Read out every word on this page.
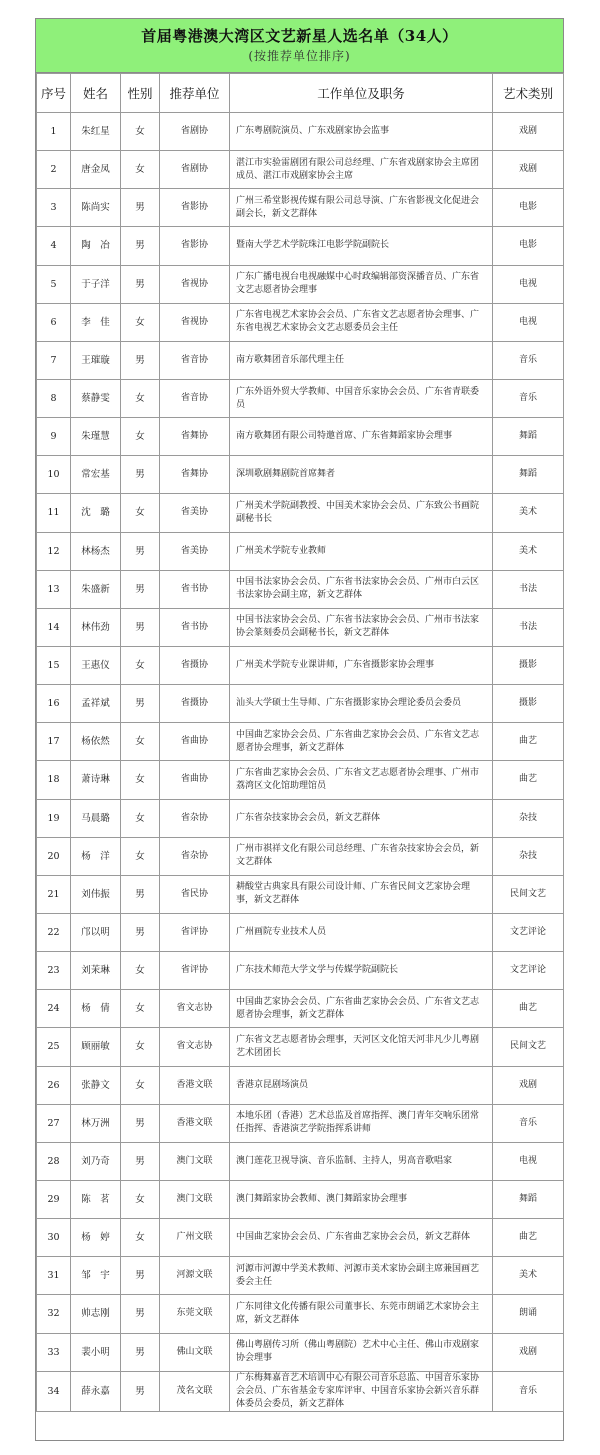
首届粤港澳大湾区文艺新星人选名单（34人）
(按推荐单位排序)
序号	姓名	性别	推荐单位	工作单位及职务	艺术类别
1	朱红星	女	省剧协	广东粤剧院演员、广东戏剧家协会监事	戏剧
2	唐金凤	女	省剧协	湛江市实验雷剧团有限公司总经理、广东省戏剧家协会主席团成员、湛江市戏剧家协会主席	戏剧
3	陈尚实	男	省影协	广州三希堂影视传媒有限公司总导演、广东省影视文化促进会副会长，新文艺群体	电影
4	陶　冶	男	省影协	暨南大学艺术学院珠江电影学院副院长	电影
5	于子洋	男	省视协	广东广播电视台电视融媒中心时政编辑部资深播音员、广东省文艺志愿者协会理事	电视
6	李　佳	女	省视协	广东省电视艺术家协会会员、广东省文艺志愿者协会理事、广东省电视艺术家协会文艺志愿委员会主任	电视
7	王璀璇	男	省音协	南方歌舞团音乐部代理主任	音乐
8	蔡静雯	女	省音协	广东外语外贸大学教师、中国音乐家协会会员、广东省青联委员	音乐
9	朱瑾慧	女	省舞协	南方歌舞团有限公司特邀首席、广东省舞蹈家协会理事	舞蹈
10	常宏基	男	省舞协	深圳歌剧舞剧院首席舞者	舞蹈
11	沈　璐	女	省美协	广州美术学院副教授、中国美术家协会会员、广东致公书画院副秘书长	美术
12	林杨杰	男	省美协	广州美术学院专业教师	美术
13	朱盛新	男	省书协	中国书法家协会会员、广东省书法家协会会员、广州市白云区书法家协会副主席，新文艺群体	书法
14	林伟劲	男	省书协	中国书法家协会会员、广东省书法家协会会员、广州市书法家协会篆刻委员会副秘书长，新文艺群体	书法
15	王惠仪	女	省摄协	广州美术学院专业课讲师，广东省摄影家协会理事	摄影
16	孟祥斌	男	省摄协	汕头大学硕士生导师、广东省摄影家协会理论委员会委员	摄影
17	杨依然	女	省曲协	中国曲艺家协会会员、广东省曲艺家协会会员、广东省文艺志愿者协会理事，新文艺群体	曲艺
18	萧诗琳	女	省曲协	广东省曲艺家协会会员、广东省文艺志愿者协会理事、广州市荔湾区文化馆助理馆员	曲艺
19	马晨璐	女	省杂协	广东省杂技家协会会员，新文艺群体	杂技
20	杨　洋	女	省杂协	广州市祺祥文化有限公司总经理、广东省杂技家协会会员，新文艺群体	杂技
21	刘伟振	男	省民协	耕酸堂古典家具有限公司设计师、广东省民间文艺家协会理事，新文艺群体	民间文艺
22	邝以明	男	省评协	广州画院专业技术人员	文艺评论
23	刘茉琳	女	省评协	广东技术师范大学文学与传媒学院副院长	文艺评论
24	杨　倩	女	省文志协	中国曲艺家协会会员、广东省曲艺家协会会员、广东省文艺志愿者协会理事，新文艺群体	曲艺
25	顾丽敏	女	省文志协	广东省文艺志愿者协会理事，天河区文化馆天河非凡少儿粤剧艺术团团长	民间文艺
26	张静文	女	香港文联	香港京昆剧场演员	戏剧
27	林万洲	男	香港文联	本地乐团（香港）艺术总监及首席指挥、澳门青年交响乐团常任指挥、香港演艺学院指挥系讲师	音乐
28	刘乃奇	男	澳门文联	澳门莲花卫视导演、音乐监制、主持人，男高音歌唱家	电视
29	陈　茗	女	澳门文联	澳门舞蹈家协会教师、澳门舞蹈家协会理事	舞蹈
30	杨　婷	女	广州文联	中国曲艺家协会会员、广东省曲艺家协会会员，新文艺群体	曲艺
31	邹　宇	男	河源文联	河源市河源中学美术教师、河源市美术家协会副主席兼国画艺委会主任	美术
32	帅志刚	男	东莞文联	广东同律文化传播有限公司董事长、东莞市朗诵艺术家协会主席，新文艺群体	朗诵
33	裴小明	男	佛山文联	佛山粤剧传习所（佛山粤剧院）艺术中心主任、佛山市戏剧家协会理事	戏剧
34	薛永嘉	男	茂名文联	广东梅舞嘉音艺术培训中心有限公司音乐总监、中国音乐家协会会员、广东省基金专家库评审、中国音乐家协会新兴音乐群体委员会委员，新文艺群体	音乐
